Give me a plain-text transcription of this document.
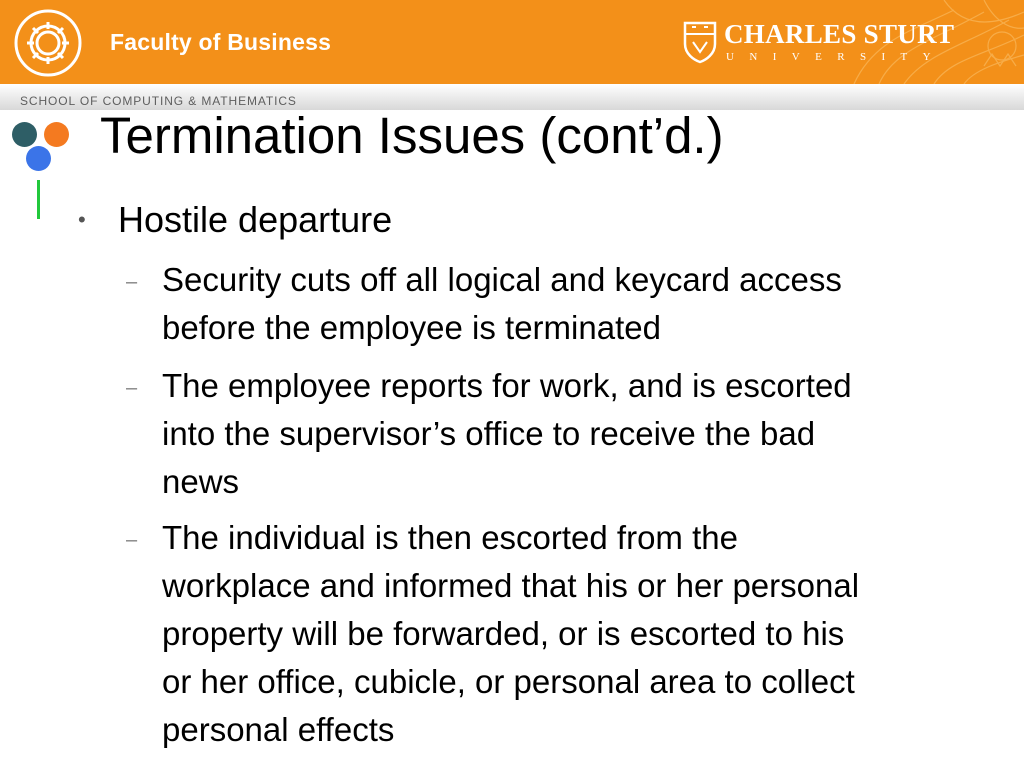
Faculty of Business	CHARLES STURT
UNIVERSITY
SCHOOL OF COMPUTING & MATHEMATICS
Termination Issues (cont’d.)
• Hostile departure
– Security cuts off all logical and keycard access
before the employee is terminated
– The employee reports for work, and is escorted
into the supervisor’s office to receive the bad
news
– The individual is then escorted from the
workplace and informed that his or her personal
property will be forwarded, or is escorted to his
or her office, cubicle, or personal area to collect
personal effects
